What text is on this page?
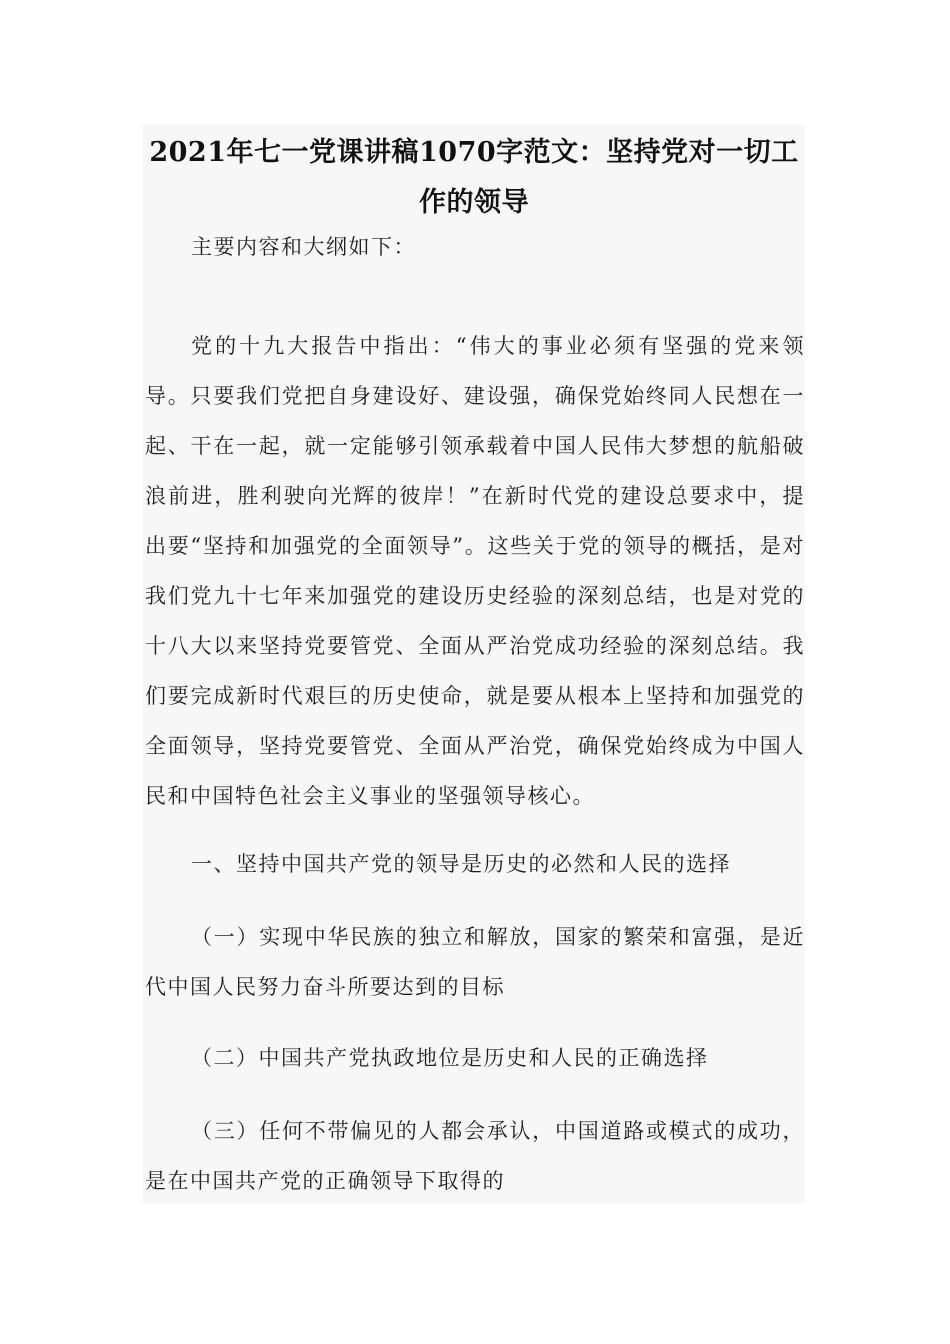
2021年七一党课讲稿1070字范文：坚持党对一切工作的领导

主要内容和大纲如下：

党的十九大报告中指出：“伟大的事业必须有坚强的党来领导。只要我们党把自身建设好、建设强，确保党始终同人民想在一起、干在一起，就一定能够引领承载着中国人民伟大梦想的航船破浪前进，胜利驶向光辉的彼岸！”在新时代党的建设总要求中，提出要“坚持和加强党的全面领导”。这些关于党的领导的概括，是对我们党九十七年来加强党的建设历史经验的深刻总结，也是对党的十八大以来坚持党要管党、全面从严治党成功经验的深刻总结。我们要完成新时代艰巨的历史使命，就是要从根本上坚持和加强党的全面领导，坚持党要管党、全面从严治党，确保党始终成为中国人民和中国特色社会主义事业的坚强领导核心。

一、坚持中国共产党的领导是历史的必然和人民的选择

（一）实现中华民族的独立和解放，国家的繁荣和富强，是近代中国人民努力奋斗所要达到的目标

（二）中国共产党执政地位是历史和人民的正确选择

（三）任何不带偏见的人都会承认，中国道路或模式的成功，是在中国共产党的正确领导下取得的
